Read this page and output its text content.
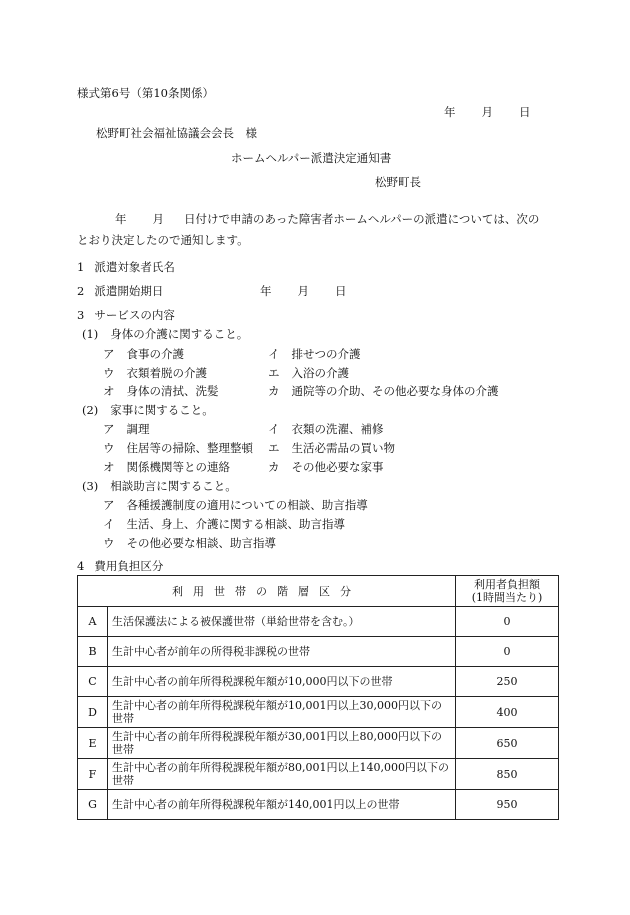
様式第6号（第10条関係）
年 月 日
松野町社会福祉協議会会長　様
ホームヘルパー派遣決定通知書
松野町長
年 月 日付けで申請のあった障害者ホームヘルパーの派遣については、次の
とおり決定したので通知します。
1 派遣対象者氏名
2 派遣開始期日	年 月 日
3 サービスの内容
(1) 身体の介護に関すること。
ア 食事の介護	イ 排せつの介護
ウ 衣類着脱の介護	エ 入浴の介護
オ 身体の清拭、洗髪	カ 通院等の介助、その他必要な身体の介護
(2) 家事に関すること。
ア 調理	イ 衣類の洗濯、補修
ウ 住居等の掃除、整理整頓 エ 生活必需品の買い物
オ 関係機関等との連絡	カ その他必要な家事
(3) 相談助言に関すること。
ア 各種援護制度の適用についての相談、助言指導
イ 生活、身上、介護に関する相談、助言指導
ウ その他必要な相談、助言指導
4 費用負担区分
利用世帯の階層区分		利用者負担額
(1時間当たり)

A	生活保護法による被保護世帯（単給世帯を含む。）	0
B	生計中心者が前年の所得税非課税の世帯	0
C	生計中心者の前年所得税課税年額が10,000円以下の世帯	250
D	生計中心者の前年所得税課税年額が10,001円以上30,000円以下の世帯	400
E	生計中心者の前年所得税課税年額が30,001円以上80,000円以下の世帯	650
F	生計中心者の前年所得税課税年額が80,001円以上140,000円以下の世帯	850
G	生計中心者の前年所得税課税年額が140,001円以上の世帯	950
